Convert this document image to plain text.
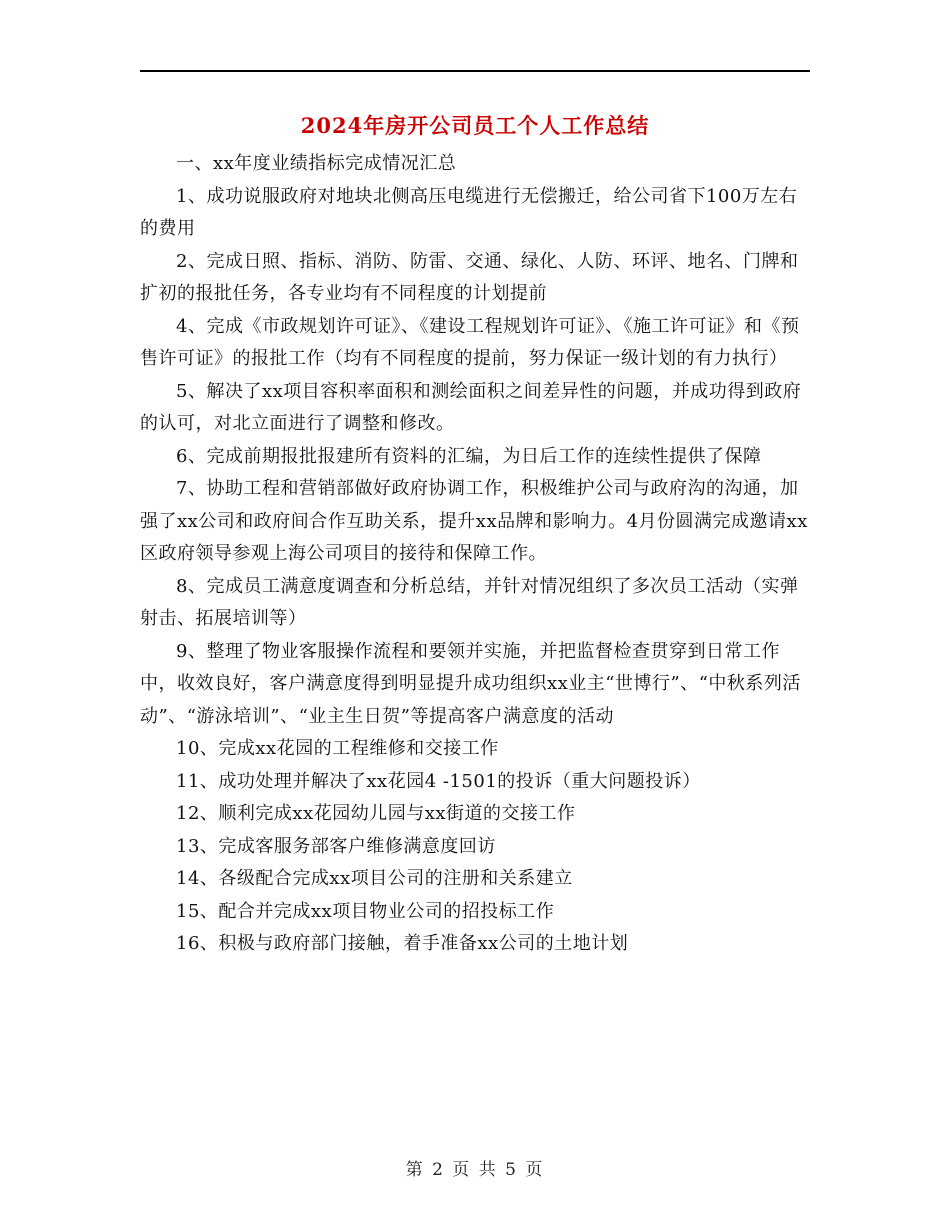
2024年房开公司员工个人工作总结

一、xx年度业绩指标完成情况汇总

1、成功说服政府对地块北侧高压电缆进行无偿搬迁，给公司省下100万左右的费用

2、完成日照、指标、消防、防雷、交通、绿化、人防、环评、地名、门牌和扩初的报批任务，各专业均有不同程度的计划提前

4、完成《市政规划许可证》、《建设工程规划许可证》、《施工许可证》和《预售许可证》的报批工作（均有不同程度的提前，努力保证一级计划的有力执行）

5、解决了xx项目容积率面积和测绘面积之间差异性的问题，并成功得到政府的认可，对北立面进行了调整和修改。

6、完成前期报批报建所有资料的汇编，为日后工作的连续性提供了保障

7、协助工程和营销部做好政府协调工作，积极维护公司与政府沟的沟通，加强了xx公司和政府间合作互助关系，提升xx品牌和影响力。4月份圆满完成邀请xx区政府领导参观上海公司项目的接待和保障工作。

8、完成员工满意度调查和分析总结，并针对情况组织了多次员工活动（实弹射击、拓展培训等）

9、整理了物业客服操作流程和要领并实施，并把监督检查贯穿到日常工作中，收效良好，客户满意度得到明显提升成功组织xx业主“世博行”、“中秋系列活动”、“游泳培训”、“业主生日贺”等提高客户满意度的活动

10、完成xx花园的工程维修和交接工作

11、成功处理并解决了xx花园4 -1501的投诉（重大问题投诉）

12、顺利完成xx花园幼儿园与xx街道的交接工作

13、完成客服务部客户维修满意度回访

14、各级配合完成xx项目公司的注册和关系建立

15、配合并完成xx项目物业公司的招投标工作

16、积极与政府部门接触，着手准备xx公司的土地计划

第 2 页 共 5 页
